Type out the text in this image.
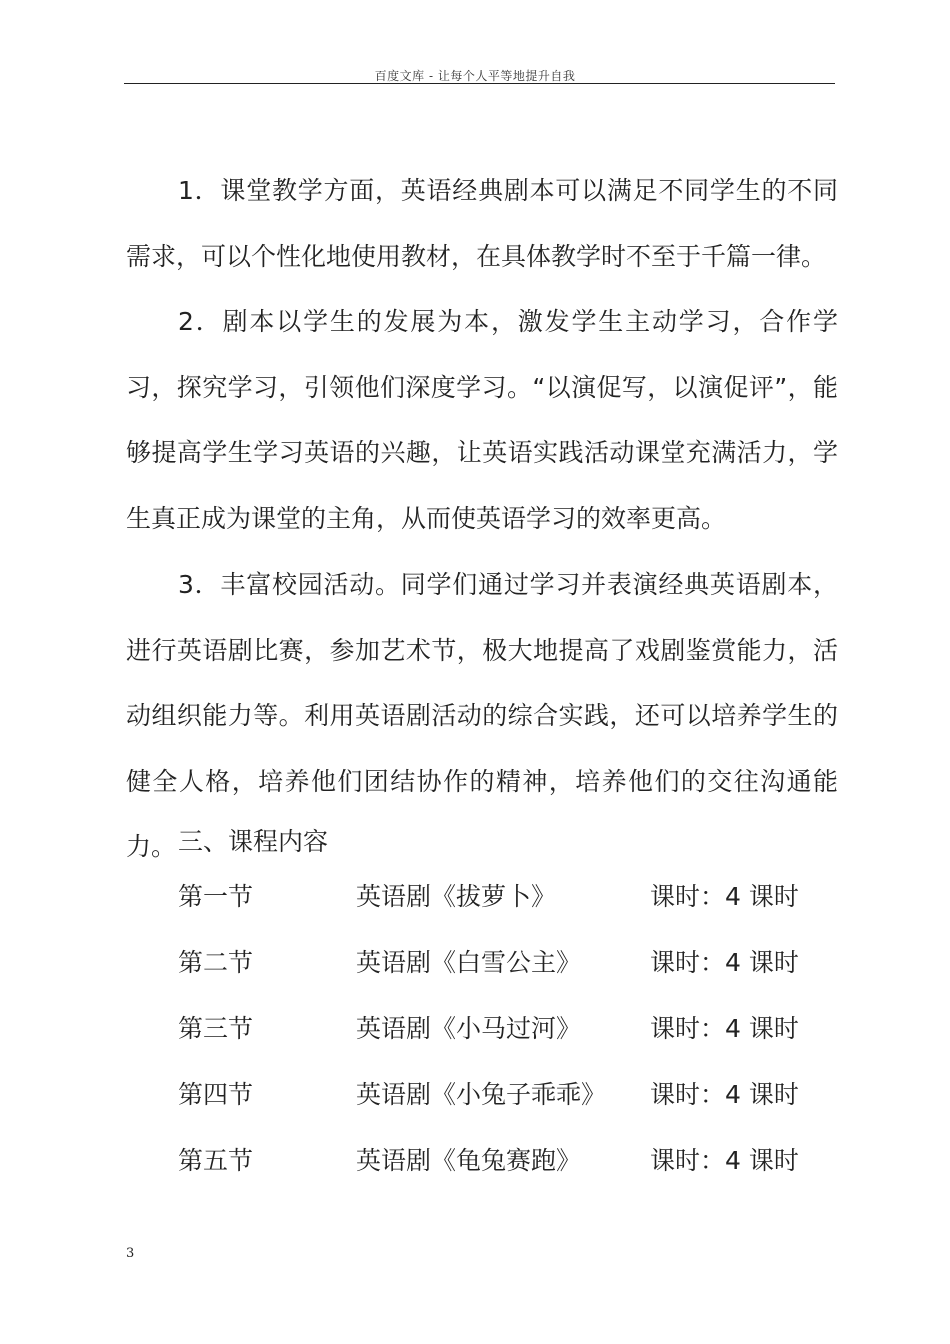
百度文库 - 让每个人平等地提升自我

1．课堂教学方面，英语经典剧本可以满足不同学生的不同需求，可以个性化地使用教材，在具体教学时不至于千篇一律。

2．剧本以学生的发展为本，激发学生主动学习，合作学习，探究学习，引领他们深度学习。“以演促写，以演促评”，能够提高学生学习英语的兴趣，让英语实践活动课堂充满活力，学生真正成为课堂的主角，从而使英语学习的效率更高。

3．丰富校园活动。同学们通过学习并表演经典英语剧本，进行英语剧比赛，参加艺术节，极大地提高了戏剧鉴赏能力，活动组织能力等。利用英语剧活动的综合实践，还可以培养学生的健全人格，培养他们团结协作的精神，培养他们的交往沟通能力。 三、课程内容
第一节	英语剧《拔萝卜》	课时：4 课时
第二节	英语剧《白雪公主》	课时：4 课时
第三节	英语剧《小马过河》	课时：4 课时
第四节	英语剧《小兔子乖乖》 课时：4 课时
第五节	英语剧《龟兔赛跑》	课时：4 课时
3
